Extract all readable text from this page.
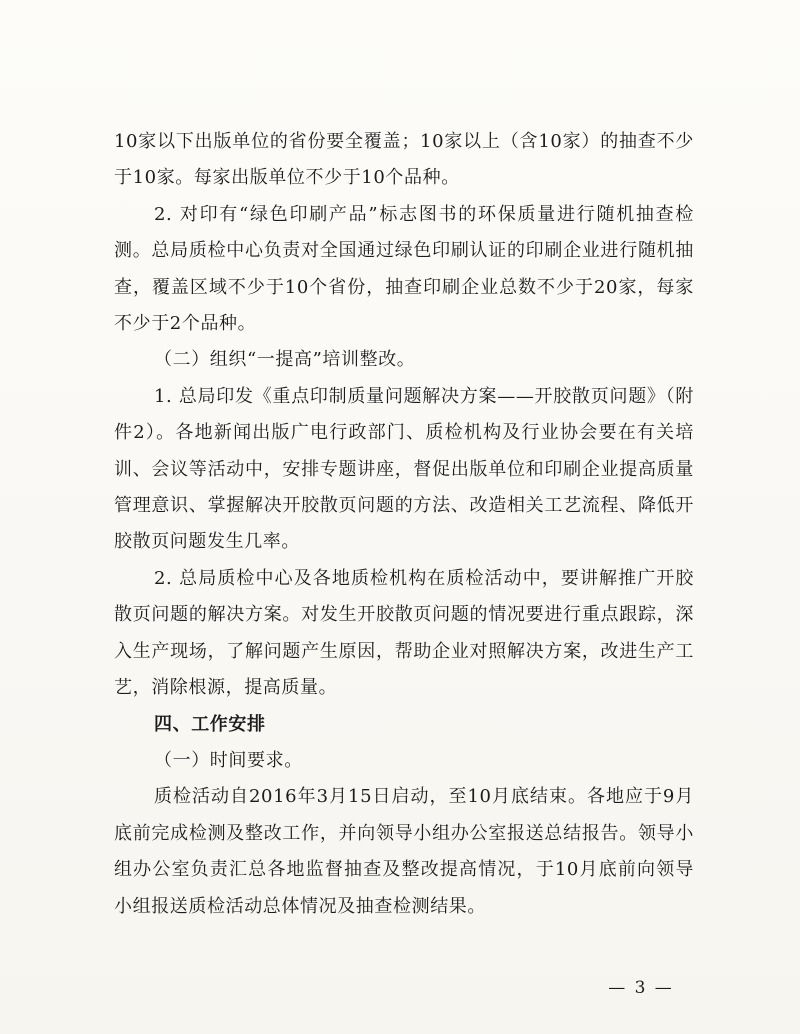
10家以下出版单位的省份要全覆盖；10家以上（含10家）的抽查不少于10家。每家出版单位不少于10个品种。

2. 对印有“绿色印刷产品”标志图书的环保质量进行随机抽查检测。总局质检中心负责对全国通过绿色印刷认证的印刷企业进行随机抽查，覆盖区域不少于10个省份，抽查印刷企业总数不少于20家，每家不少于2个品种。

（二）组织“一提高”培训整改。

1. 总局印发《重点印制质量问题解决方案——开胶散页问题》（附件2）。各地新闻出版广电行政部门、质检机构及行业协会要在有关培训、会议等活动中，安排专题讲座，督促出版单位和印刷企业提高质量管理意识、掌握解决开胶散页问题的方法、改造相关工艺流程、降低开胶散页问题发生几率。

2. 总局质检中心及各地质检机构在质检活动中，要讲解推广开胶散页问题的解决方案。对发生开胶散页问题的情况要进行重点跟踪，深入生产现场，了解问题产生原因，帮助企业对照解决方案，改进生产工艺，消除根源，提高质量。

四、工作安排

（一）时间要求。

质检活动自2016年3月15日启动，至10月底结束。各地应于9月底前完成检测及整改工作，并向领导小组办公室报送总结报告。领导小组办公室负责汇总各地监督抽查及整改提高情况，于10月底前向领导小组报送质检活动总体情况及抽查检测结果。

— 3 —
